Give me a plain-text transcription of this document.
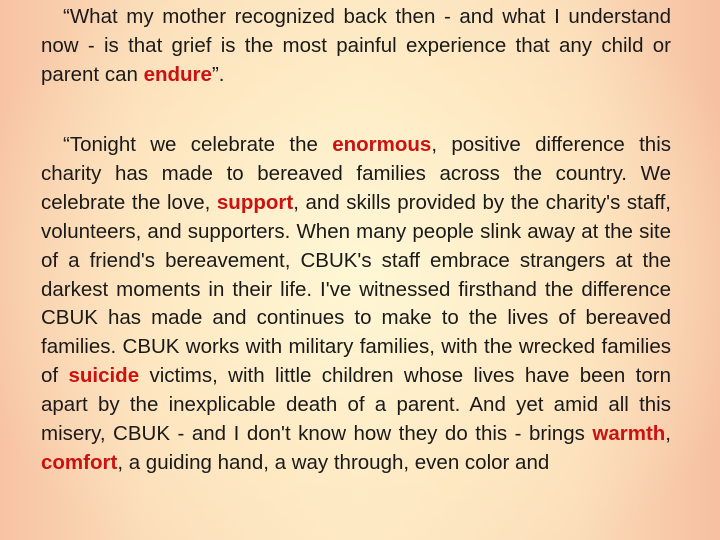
“What my mother recognized back then - and what I understand now - is that grief is the most painful experience that any child or parent can endure”.

“Tonight we celebrate the enormous, positive difference this charity has made to bereaved families across the country. We celebrate the love, support, and skills provided by the charity's staff, volunteers, and supporters. When many people slink away at the site of a friend's bereavement, CBUK's staff embrace strangers at the darkest moments in their life. I've witnessed firsthand the difference CBUK has made and continues to make to the lives of bereaved families. CBUK works with military families, with the wrecked families of suicide victims, with little children whose lives have been torn apart by the inexplicable death of a parent. And yet amid all this misery, CBUK - and I don't know how they do this - brings warmth, comfort, a guiding hand, a way through, even color and
